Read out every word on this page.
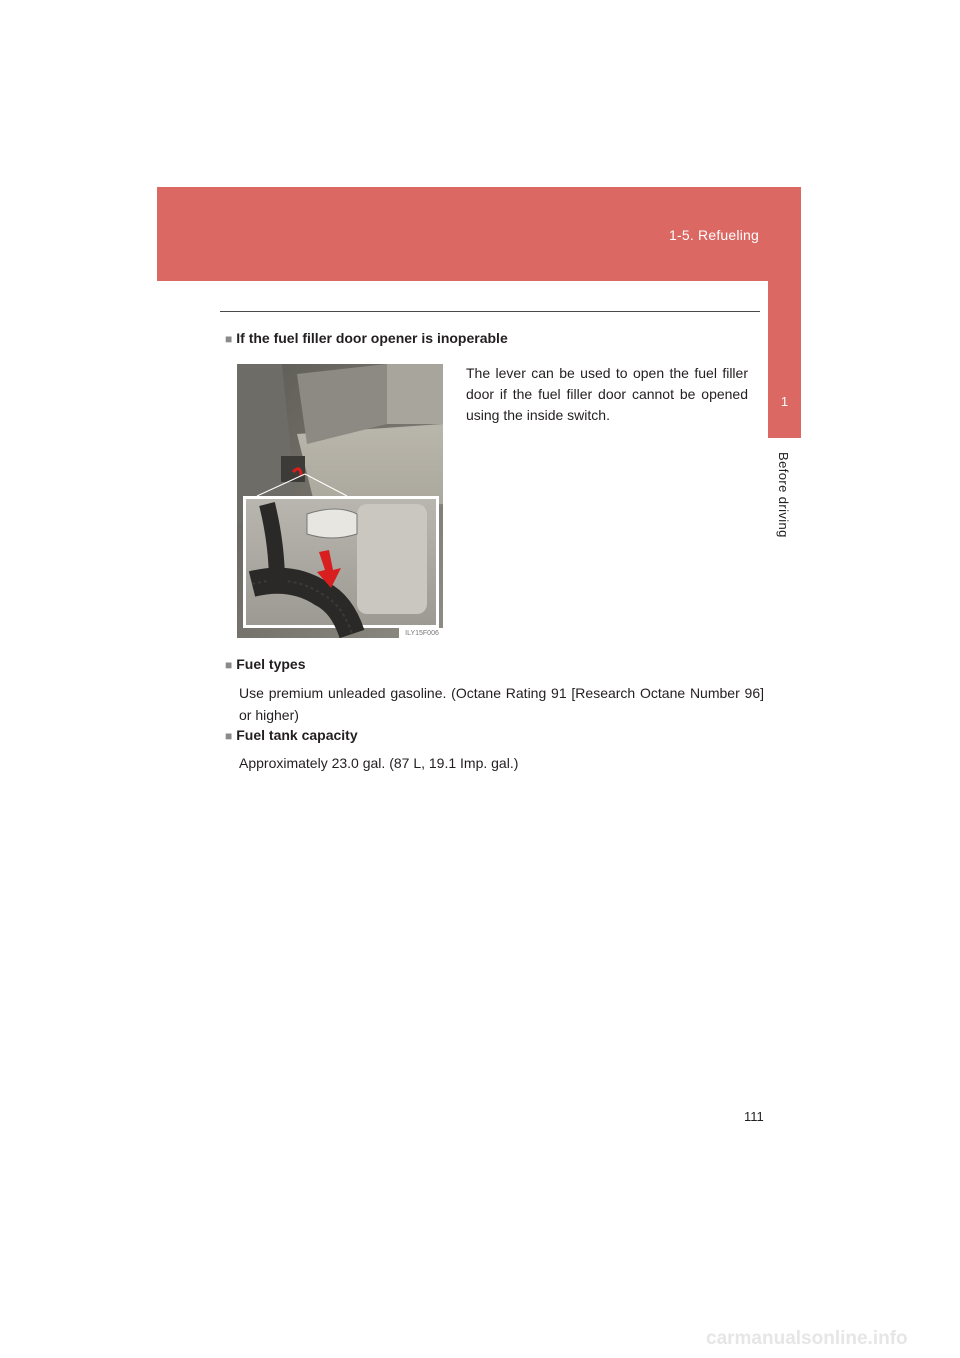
1-5. Refueling
1
Before driving
■ If the fuel filler door opener is inoperable
The lever can be used to open the fuel filler door if the fuel filler door cannot be opened using the inside switch.
ILY15F006
■ Fuel types
Use premium unleaded gasoline. (Octane Rating 91 [Research Octane Number 96] or higher)
■ Fuel tank capacity
Approximately 23.0 gal. (87 L, 19.1 Imp. gal.)
111
carmanualsonline.info
